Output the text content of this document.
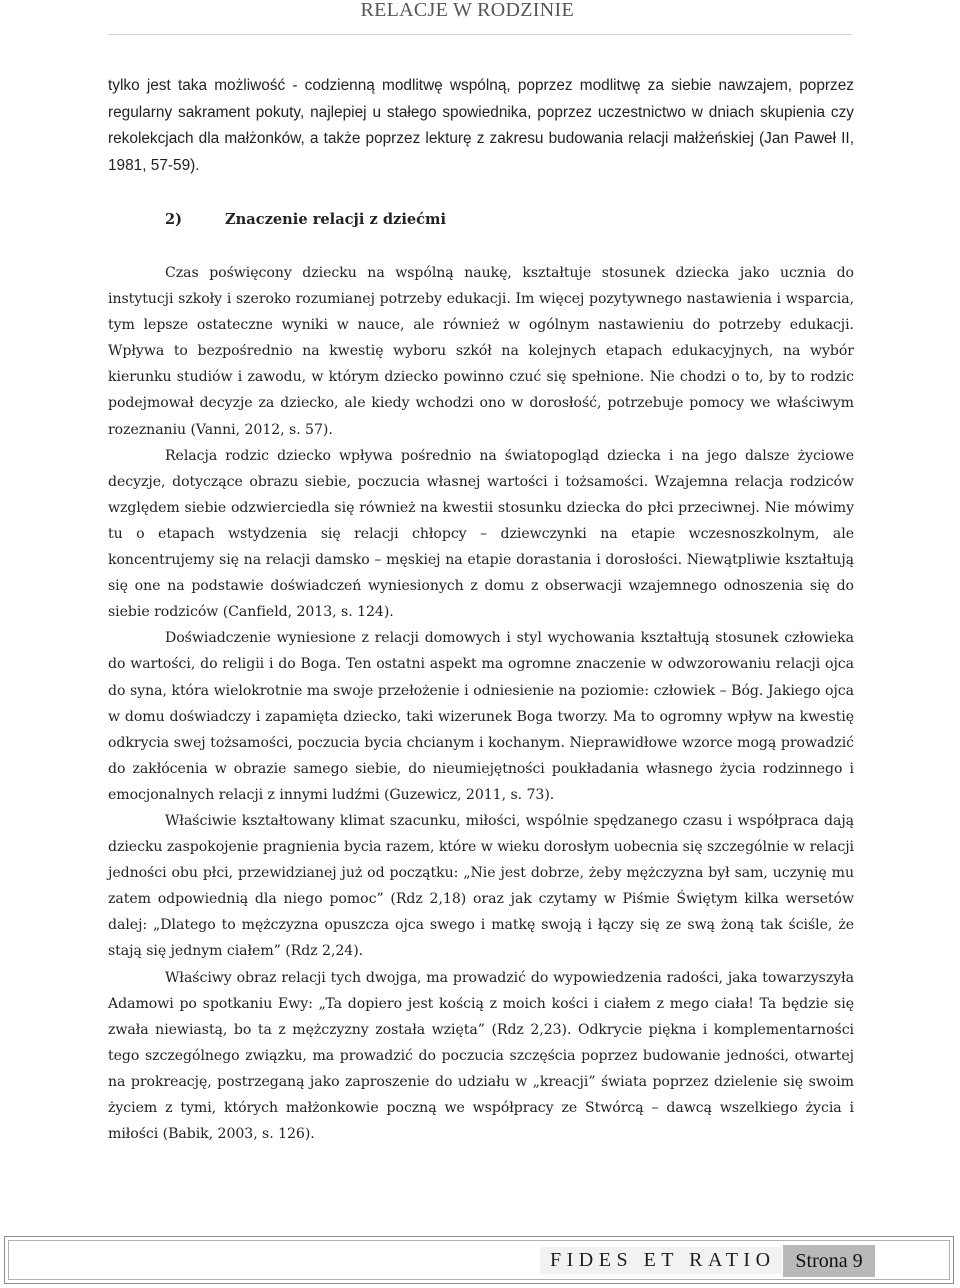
RELACJE W RODZINIE

tylko jest taka możliwość - codzienną modlitwę wspólną, poprzez modlitwę za siebie nawzajem, poprzez regularny sakrament pokuty, najlepiej u stałego spowiednika, poprzez uczestnictwo w dniach skupienia czy rekolekcjach dla małżonków, a także poprzez lekturę z zakresu budowania relacji małżeńskiej (Jan Paweł II, 1981, 57-59).

2)	Znaczenie relacji z dziećmi

Czas poświęcony dziecku na wspólną naukę, kształtuje stosunek dziecka jako ucznia do instytucji szkoły i szeroko rozumianej potrzeby edukacji. Im więcej pozytywnego nastawienia i wsparcia, tym lepsze ostateczne wyniki w nauce, ale również w ogólnym nastawieniu do potrzeby edukacji. Wpływa to bezpośrednio na kwestię wyboru szkół na kolejnych etapach edukacyjnych, na wybór kierunku studiów i zawodu, w którym dziecko powinno czuć się spełnione. Nie chodzi o to, by to rodzic podejmował decyzje za dziecko, ale kiedy wchodzi ono w dorosłość, potrzebuje pomocy we właściwym rozeznaniu (Vanni, 2012, s. 57).

Relacja rodzic dziecko wpływa pośrednio na światopogląd dziecka i na jego dalsze życiowe decyzje, dotyczące obrazu siebie, poczucia własnej wartości i tożsamości. Wzajemna relacja rodziców względem siebie odzwierciedla się również na kwestii stosunku dziecka do płci przeciwnej. Nie mówimy tu o etapach wstydzenia się relacji chłopcy – dziewczynki na etapie wczesnoszkolnym, ale koncentrujemy się na relacji damsko – męskiej na etapie dorastania i dorosłości. Niewątpliwie kształtują się one na podstawie doświadczeń wyniesionych z domu z obserwacji wzajemnego odnoszenia się do siebie rodziców (Canfield, 2013, s. 124).

Doświadczenie wyniesione z relacji domowych i styl wychowania kształtują stosunek człowieka do wartości, do religii i do Boga. Ten ostatni aspekt ma ogromne znaczenie w odwzorowaniu relacji ojca do syna, która wielokrotnie ma swoje przełożenie i odniesienie na poziomie: człowiek – Bóg. Jakiego ojca w domu doświadczy i zapamięta dziecko, taki wizerunek Boga tworzy. Ma to ogromny wpływ na kwestię odkrycia swej tożsamości, poczucia bycia chcianym i kochanym. Nieprawidłowe wzorce mogą prowadzić do zakłócenia w obrazie samego siebie, do nieumiejętności poukładania własnego życia rodzinnego i emocjonalnych relacji z innymi ludźmi (Guzewicz, 2011, s. 73).

Właściwie kształtowany klimat szacunku, miłości, wspólnie spędzanego czasu i współpraca dają dziecku zaspokojenie pragnienia bycia razem, które w wieku dorosłym uobecnia się szczególnie w relacji jedności obu płci, przewidzianej już od początku: „Nie jest dobrze, żeby mężczyzna był sam, uczynię mu zatem odpowiednią dla niego pomoc” (Rdz 2,18) oraz jak czytamy w Piśmie Świętym kilka wersetów dalej: „Dlatego to mężczyzna opuszcza ojca swego i matkę swoją i łączy się ze swą żoną tak ściśle, że stają się jednym ciałem” (Rdz 2,24).

Właściwy obraz relacji tych dwojga, ma prowadzić do wypowiedzenia radości, jaka towarzyszyła Adamowi po spotkaniu Ewy: „Ta dopiero jest kością z moich kości i ciałem z mego ciała! Ta będzie się zwała niewiastą, bo ta z mężczyzny została wzięta” (Rdz 2,23). Odkrycie piękna i komplementarności tego szczególnego związku, ma prowadzić do poczucia szczęścia poprzez budowanie jedności, otwartej na prokreację, postrzeganą jako zaproszenie do udziału w „kreacji” świata poprzez dzielenie się swoim życiem z tymi, których małżonkowie poczną we współpracy ze Stwórcą – dawcą wszelkiego życia i miłości (Babik, 2003, s. 126).

FIDES ET RATIO Strona 9
